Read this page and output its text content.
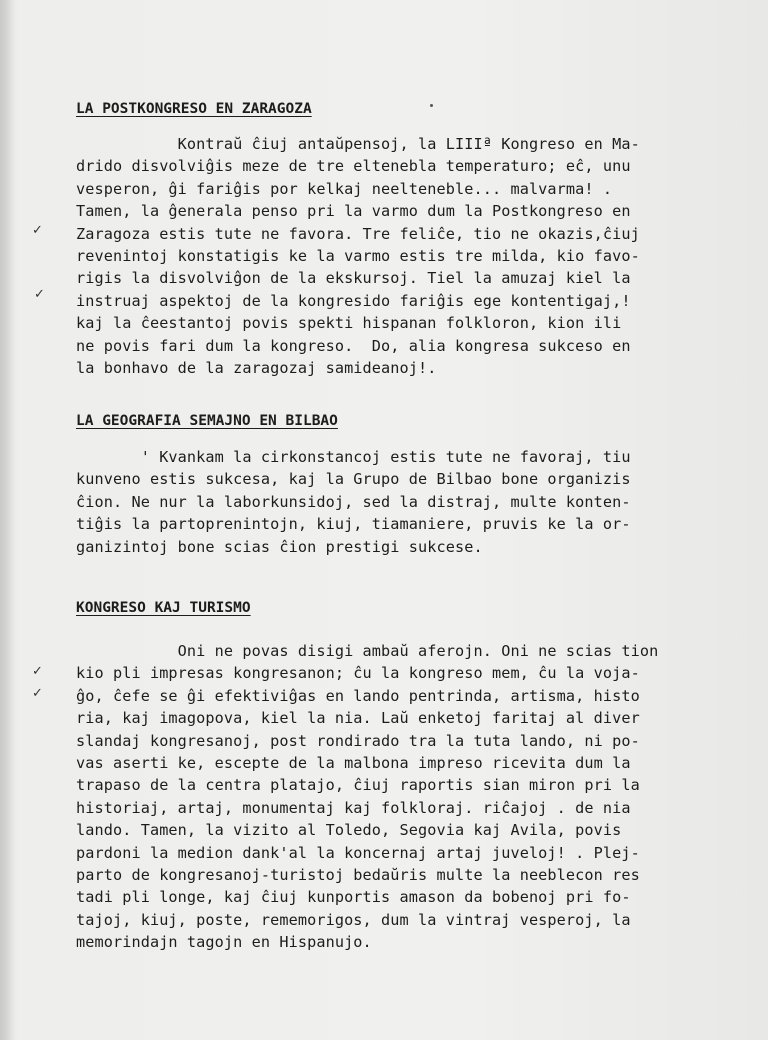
LA POSTKONGRESO EN ZARAGOZA
Kontraŭ ĉiuj antaŭpensoj, la LIIIª Kongreso en Ma-
drido disvolviĝis meze de tre eltenebla temperaturo; eĉ, unu
vesperon, ĝi fariĝis por kelkaj neelteneble... malvarma! .
Tamen, la ĝenerala penso pri la varmo dum la Postkongreso en
Zaragoza estis tute ne favora. Tre feliĉe, tio ne okazis,ĉiuj
revenintoj konstatigis ke la varmo estis tre milda, kio favo-
rigis la disvolviĝon de la ekskursoj. Tiel la amuzaj kiel la
instruaj aspektoj de la kongresido fariĝis ege kontentigaj,!
kaj la ĉeestantoj povis spekti hispanan folkloron, kion ili
ne povis fari dum la kongreso.  Do, alia kongresa sukceso en
la bonhavo de la zaragozaj samideanoj!.
LA GEOGRAFIA SEMAJNO EN BILBAO
' Kvankam la cirkonstancoj estis tute ne favoraj, tiu
kunveno estis sukcesa, kaj la Grupo de Bilbao bone organizis
ĉion. Ne nur la laborkunsidoj, sed la distraj, multe konten-
tiĝis la partoprenintojn, kiuj, tiamaniere, pruvis ke la or-
ganizintoj bone scias ĉion prestigi sukcese.
KONGRESO KAJ TURISMO
Oni ne povas disigi ambaŭ aferojn. Oni ne scias tion
kio pli impresas kongresanon; ĉu la kongreso mem, ĉu la voja-
ĝo, ĉefe se ĝi efektiviĝas en lando pentrinda, artisma, histo
ria, kaj imagopova, kiel la nia. Laŭ enketoj faritaj al diver
slandaj kongresanoj, post rondirado tra la tuta lando, ni po-
vas aserti ke, escepte de la malbona impreso ricevita dum la
trapaso de la centra platajo, ĉiuj raportis sian miron pri la
historiaj, artaj, monumentaj kaj folkloraj. riĉajoj . de nia
lando. Tamen, la vizito al Toledo, Segovia kaj Avila, povis
pardoni la medion dank'al la koncernaj artaj juveloj! . Plej-
parto de kongresanoj-turistoj bedaŭris multe la neeblecon res
tadi pli longe, kaj ĉiuj kunportis amason da bobenoj pri fo-
tajoj, kiuj, poste, rememorigos, dum la vintraj vesperoj, la
memorindajn tagojn en Hispanujo.
✓
✓
✓
✓
